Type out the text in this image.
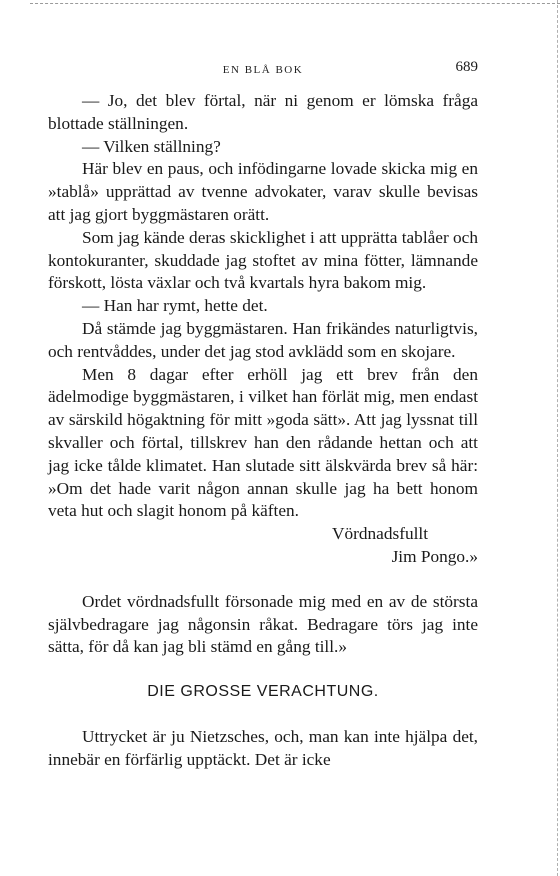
EN BLÅ BOK	689

— Jo, det blev förtal, när ni genom er lömska fråga blottade ställningen.

— Vilken ställning?

Här blev en paus, och infödingarne lovade skicka mig en »tablå» upprättad av tvenne advokater, varav skulle bevisas att jag gjort byggmästaren orätt.

Som jag kände deras skicklighet i att upprätta tablåer och kontokuranter, skuddade jag stoftet av mina fötter, lämnande förskott, lösta växlar och två kvartals hyra bakom mig.

— Han har rymt, hette det.

Då stämde jag byggmästaren. Han frikändes naturligtvis, och rentvåddes, under det jag stod avklädd som en skojare.

Men 8 dagar efter erhöll jag ett brev från den ädelmodige byggmästaren, i vilket han förlät mig, men endast av särskild högaktning för mitt »goda sätt». Att jag lyssnat till skvaller och förtal, tillskrev han den rådande hettan och att jag icke tålde klimatet. Han slutade sitt älskvärda brev så här: »Om det hade varit någon annan skulle jag ha bett honom veta hut och slagit honom på käften.

Vördnadsfullt

Jim Pongo.»

Ordet vördnadsfullt försonade mig med en av de största självbedragare jag någonsin råkat. Bedragare törs jag inte sätta, för då kan jag bli stämd en gång till.»

DIE GROSSE VERACHTUNG.

Uttrycket är ju Nietzsches, och, man kan inte hjälpa det, innebär en förfärlig upptäckt. Det är icke
